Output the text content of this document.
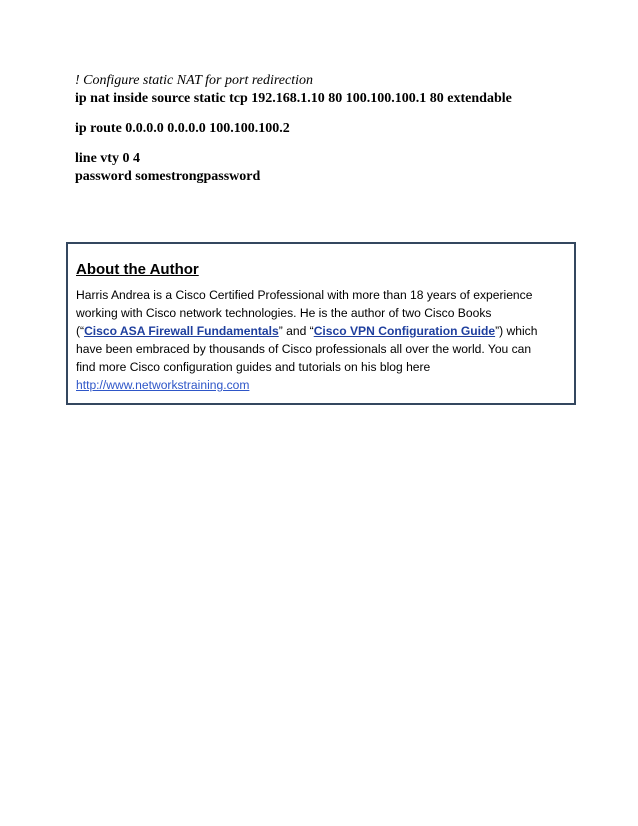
! Configure static NAT for port redirection
ip nat inside source static tcp 192.168.1.10 80 100.100.100.1 80 extendable
ip route 0.0.0.0 0.0.0.0 100.100.100.2
line vty 0 4
password somestrongpassword
About the Author
Harris Andrea is a Cisco Certified Professional with more than 18 years of experience
working with Cisco network technologies. He is the author of two Cisco Books
(“Cisco ASA Firewall Fundamentals” and “Cisco VPN Configuration Guide”) which
have been embraced by thousands of Cisco professionals all over the world. You can
find more Cisco configuration guides and tutorials on his blog here
http://www.networkstraining.com
